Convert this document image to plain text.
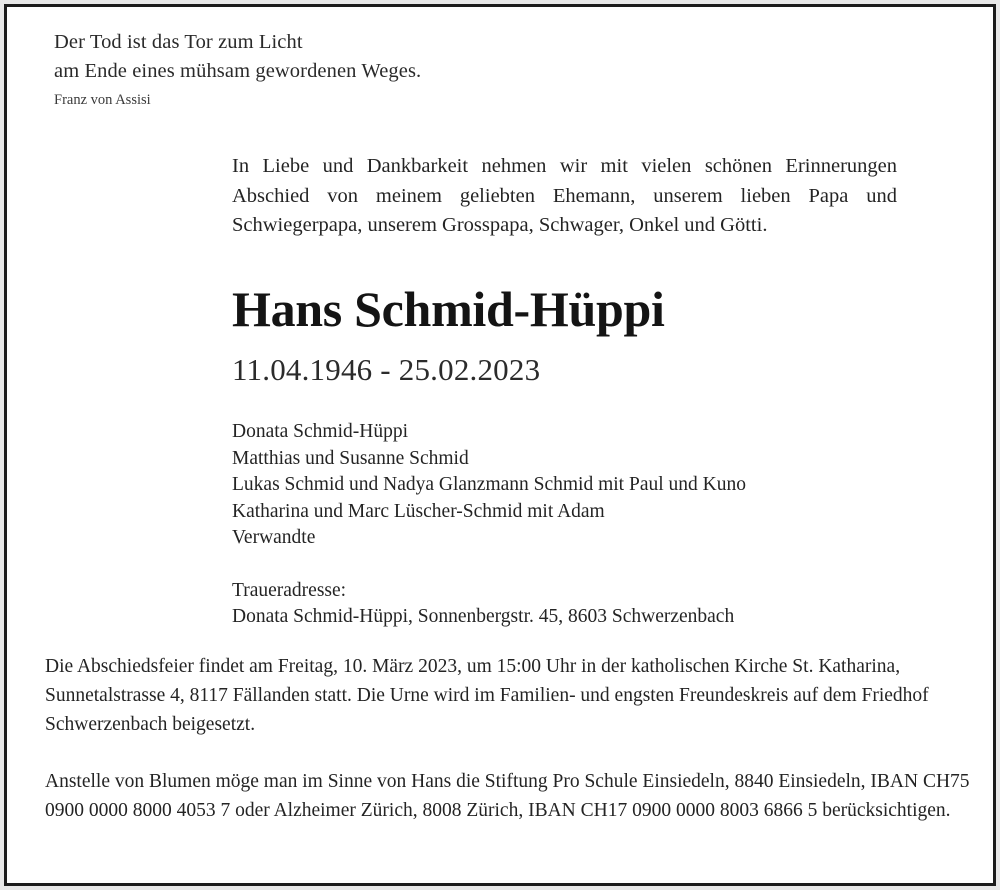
Der Tod ist das Tor zum Licht
am Ende eines mühsam gewordenen Weges.
Franz von Assisi

In Liebe und Dankbarkeit nehmen wir mit vielen schönen Erinnerungen Abschied von meinem geliebten Ehemann, unserem lieben Papa und Schwiegerpapa, unserem Grosspapa, Schwager, Onkel und Götti.

Hans Schmid-Hüppi
11.04.1946 - 25.02.2023
Donata Schmid-Hüppi
Matthias und Susanne Schmid
Lukas Schmid und Nadya Glanzmann Schmid mit Paul und Kuno
Katharina und Marc Lüscher-Schmid mit Adam
Verwandte
Traueradresse:
Donata Schmid-Hüppi, Sonnenbergstr. 45, 8603 Schwerzenbach

Die Abschiedsfeier findet am Freitag, 10. März 2023, um 15:00 Uhr in der katholischen Kirche St. Katharina, Sunnetalstrasse 4, 8117 Fällanden statt. Die Urne wird im Familien- und engsten Freundeskreis auf dem Friedhof Schwerzenbach beigesetzt.

Anstelle von Blumen möge man im Sinne von Hans die Stiftung Pro Schule Einsiedeln, 8840 Einsiedeln, IBAN CH75 0900 0000 8000 4053 7 oder Alzheimer Zürich, 8008 Zürich, IBAN CH17 0900 0000 8003 6866 5 berücksichtigen.
